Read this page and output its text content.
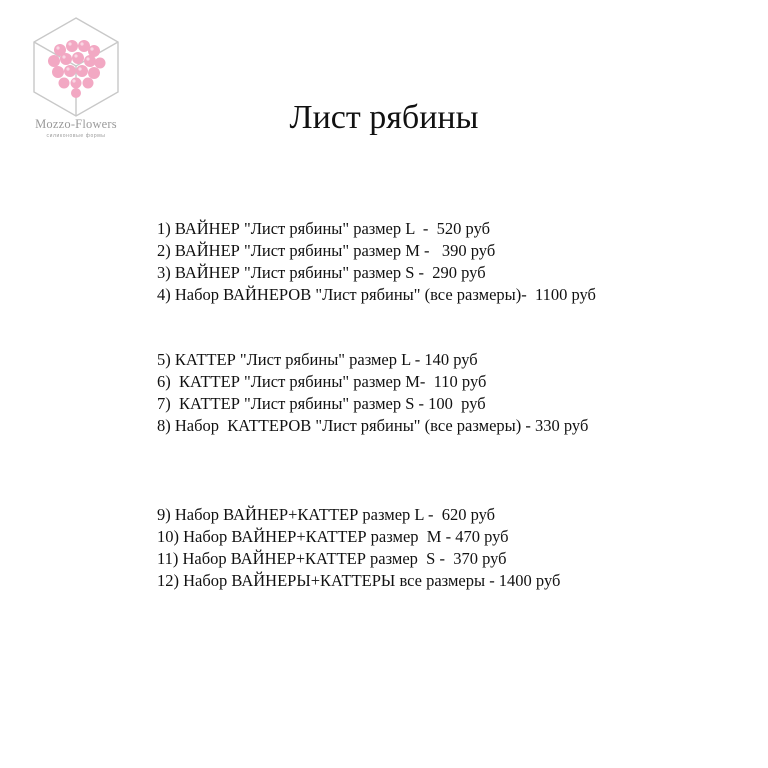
Mozzo-Flowers
силиконовые формы	Лист рябины
1) ВАЙНЕР "Лист рябины" размер L  -  520 руб
2) ВАЙНЕР "Лист рябины" размер M -   390 руб
3) ВАЙНЕР "Лист рябины" размер S -  290 руб
4) Набор ВАЙНЕРОВ "Лист рябины" (все размеры)-  1100 руб
5) КАТТЕР "Лист рябины" размер L - 140 руб
6)  КАТТЕР "Лист рябины" размер M-  110 руб
7)  КАТТЕР "Лист рябины" размер S - 100  руб
8) Набор  КАТТЕРОВ "Лист рябины" (все размеры) - 330 руб
9) Набор ВАЙНЕР+КАТТЕР размер L -  620 руб
10) Набор ВАЙНЕР+КАТТЕР размер  M - 470 руб
11) Набор ВАЙНЕР+КАТТЕР размер  S -  370 руб
12) Набор ВАЙНЕРЫ+КАТТЕРЫ все размеры - 1400 руб
